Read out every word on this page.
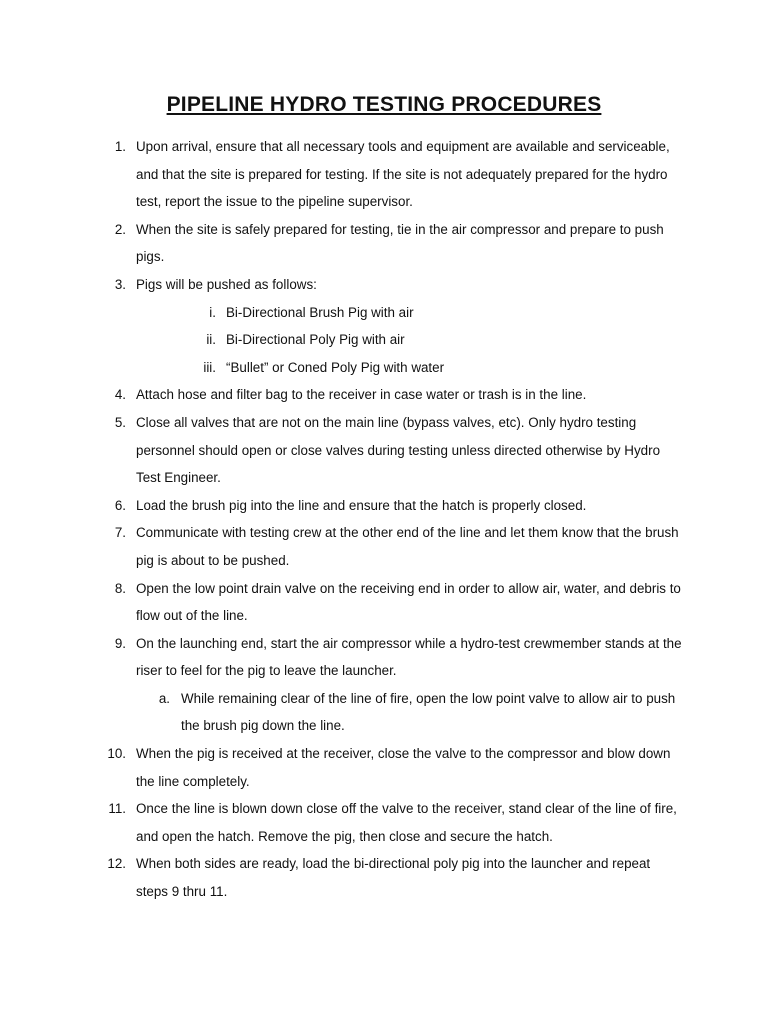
PIPELINE HYDRO TESTING PROCEDURES
1. Upon arrival, ensure that all necessary tools and equipment are available and serviceable, and that the site is prepared for testing. If the site is not adequately prepared for the hydro test, report the issue to the pipeline supervisor.
2. When the site is safely prepared for testing, tie in the air compressor and prepare to push pigs.
3. Pigs will be pushed as follows:
i. Bi-Directional Brush Pig with air
ii. Bi-Directional Poly Pig with air
iii. “Bullet” or Coned Poly Pig with water
4. Attach hose and filter bag to the receiver in case water or trash is in the line.
5. Close all valves that are not on the main line (bypass valves, etc). Only hydro testing personnel should open or close valves during testing unless directed otherwise by Hydro Test Engineer.
6. Load the brush pig into the line and ensure that the hatch is properly closed.
7. Communicate with testing crew at the other end of the line and let them know that the brush pig is about to be pushed.
8. Open the low point drain valve on the receiving end in order to allow air, water, and debris to flow out of the line.
9. On the launching end, start the air compressor while a hydro-test crewmember stands at the riser to feel for the pig to leave the launcher.
a. While remaining clear of the line of fire, open the low point valve to allow air to push the brush pig down the line.
10. When the pig is received at the receiver, close the valve to the compressor and blow down the line completely.
11. Once the line is blown down close off the valve to the receiver, stand clear of the line of fire, and open the hatch. Remove the pig, then close and secure the hatch.
12. When both sides are ready, load the bi-directional poly pig into the launcher and repeat steps 9 thru 11.
